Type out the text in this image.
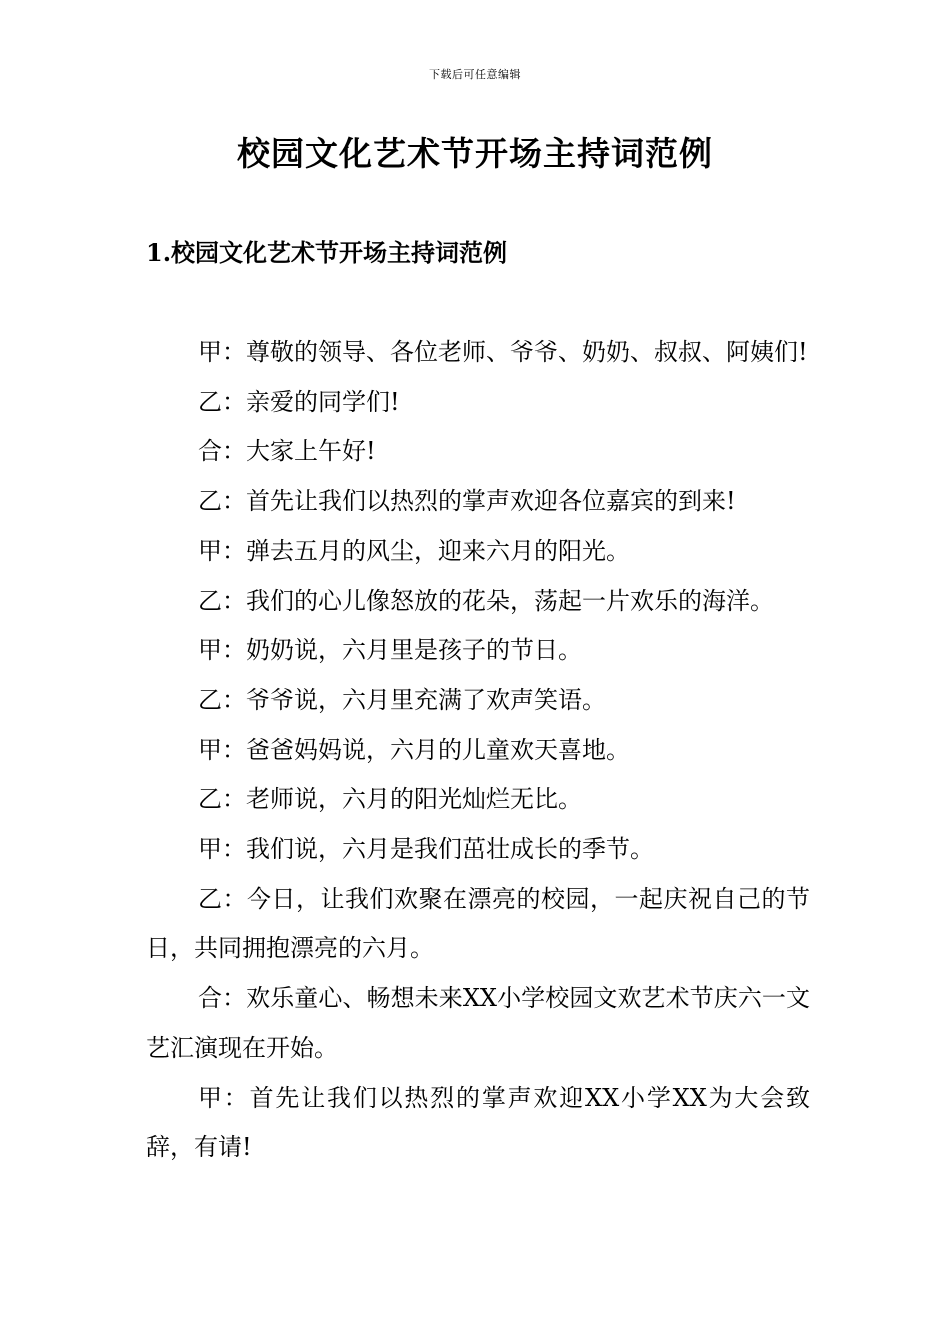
下载后可任意编辑
校园文化艺术节开场主持词范例
1.校园文化艺术节开场主持词范例

甲：尊敬的领导、各位老师、爷爷、奶奶、叔叔、阿姨们!

乙：亲爱的同学们!

合：大家上午好!

乙：首先让我们以热烈的掌声欢迎各位嘉宾的到来!

甲：弹去五月的风尘，迎来六月的阳光。

乙：我们的心儿像怒放的花朵，荡起一片欢乐的海洋。

甲：奶奶说，六月里是孩子的节日。

乙：爷爷说，六月里充满了欢声笑语。

甲：爸爸妈妈说，六月的儿童欢天喜地。

乙：老师说，六月的阳光灿烂无比。

甲：我们说，六月是我们茁壮成长的季节。

乙：今日，让我们欢聚在漂亮的校园，一起庆祝自己的节日，共同拥抱漂亮的六月。

合：欢乐童心、畅想未来XX小学校园文欢艺术节庆六一文艺汇演现在开始。

甲：首先让我们以热烈的掌声欢迎XX小学XX为大会致辞，有请!
